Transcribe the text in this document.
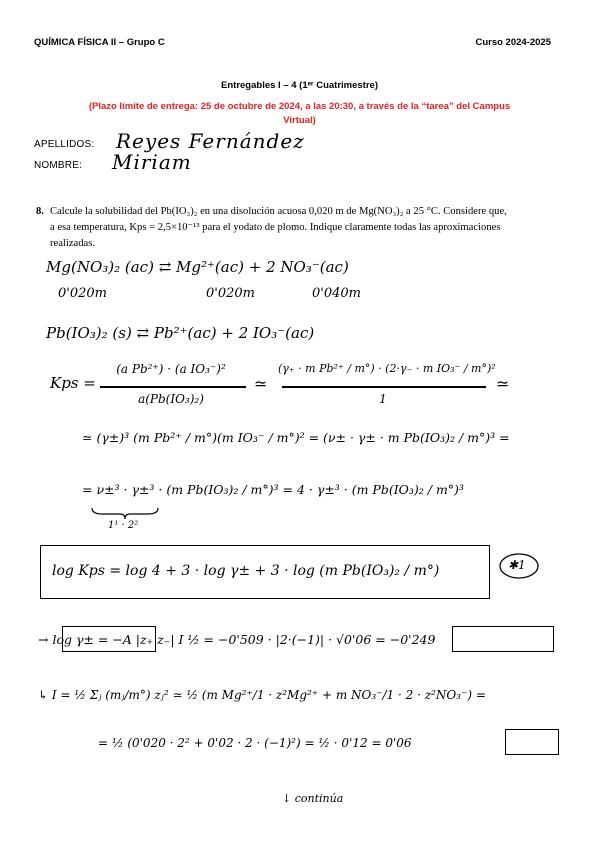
QUÍMICA FÍSICA II – Grupo C	Curso 2024-2025
Entregables I – 4 (1ᵉʳ Cuatrimestre)
(Plazo límite de entrega: 25 de octubre de 2024, a las 20:30, a través de la “tarea” del Campus
Virtual)
APELLIDOS: Reyes Fernández
NOMBRE: Miriam
8. Calcule la solubilidad del Pb(IO₃)₂ en una disolución acuosa 0,020 m de Mg(NO₃)₂ a 25 °C. Considere que,
a esa temperatura, Kps = 2,5×10⁻¹³ para el yodato de plomo. Indique claramente todas las aproximaciones
realizadas.
Mg(NO₃)₂ (ac) ⇄ Mg²⁺(ac) + 2 NO₃⁻(ac)
0'020m	0'020m	0'040m
Pb(IO₃)₂ (s) ⇄ Pb²⁺(ac) + 2 IO₃⁻(ac)
Kps =
(a Pb²⁺) · (a IO₃⁻)²
a(Pb(IO₃)₂)
≃
(γ₊ · m Pb²⁺ / m°) · (2·γ₋ · m IO₃⁻ / m°)²
1
≃
≃ (γ±)³ (m Pb²⁺ / m°)(m IO₃⁻ / m°)² = (ν± · γ± · m Pb(IO₃)₂ / m°)³ =
= ν±³ · γ±³ · (m Pb(IO₃)₂ / m°)³ = 4 · γ±³ · (m Pb(IO₃)₂ / m°)³
1¹ · 2²
log Kps = log 4 + 3 · log γ± + 3 · log (m Pb(IO₃)₂ / m°)	✱1
→ log γ± = −A |z₊ z₋| I ½ = −0'509 · |2·(−1)| · √0'06 = −0'249
↳ I = ½ Σⱼ (mⱼ/m°) zⱼ² ≃ ½ (m Mg²⁺/1 · z²Mg²⁺ + m NO₃⁻/1 · 2 · z²NO₃⁻) =
= ½ (0'020 · 2² + 0'02 · 2 · (−1)²) = ½ · 0'12 = 0'06
↓ continúa
